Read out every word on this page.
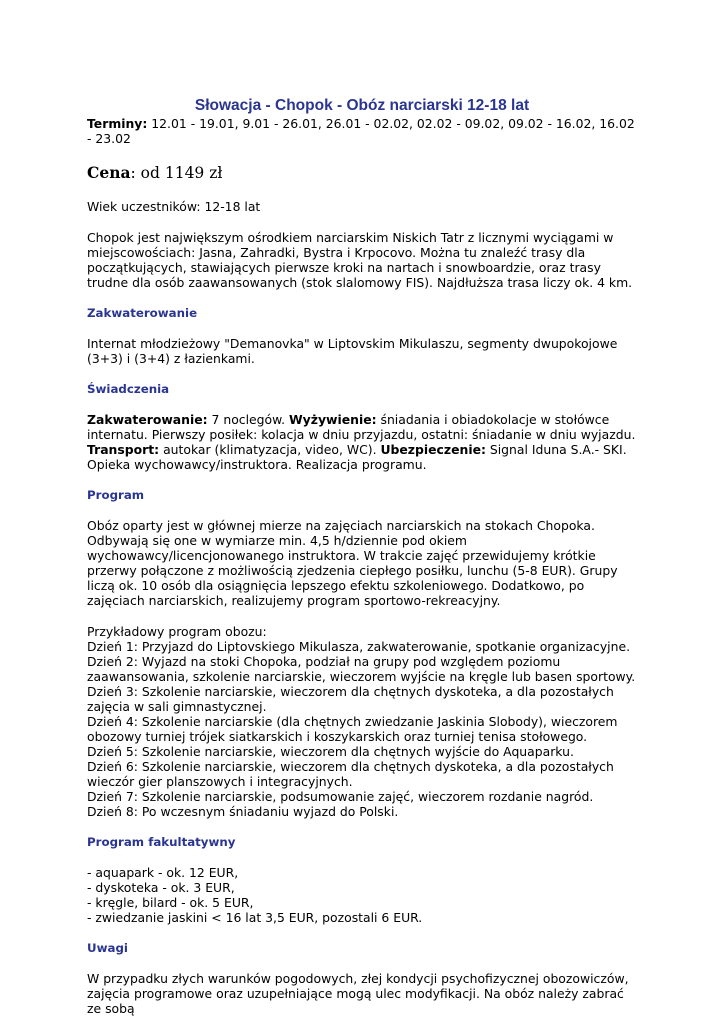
Słowacja - Chopok - Obóz narciarski 12-18 lat

Terminy: 12.01 - 19.01, 9.01 - 26.01, 26.01 - 02.02, 02.02 - 09.02, 09.02 - 16.02, 16.02 - 23.02

Cena: od 1149 zł

Wiek uczestników: 12-18 lat

Chopok jest największym ośrodkiem narciarskim Niskich Tatr z licznymi wyciągami w miejscowościach: Jasna, Zahradki, Bystra i Krpocovo. Można tu znaleźć trasy dla początkujących, stawiających pierwsze kroki na nartach i snowboardzie, oraz trasy trudne dla osób zaawansowanych (stok slalomowy FIS). Najdłuższa trasa liczy ok. 4 km.

Zakwaterowanie

Internat młodzieżowy "Demanovka" w Liptovskim Mikulaszu, segmenty dwupokojowe (3+3) i (3+4) z łazienkami.

Świadczenia

Zakwaterowanie: 7 noclegów. Wyżywienie: śniadania i obiadokolacje w stołówce internatu. Pierwszy posiłek: kolacja w dniu przyjazdu, ostatni: śniadanie w dniu wyjazdu. Transport: autokar (klimatyzacja, video, WC). Ubezpieczenie: Signal Iduna S.A.- SKI. Opieka wychowawcy/instruktora. Realizacja programu.

Program

Obóz oparty jest w głównej mierze na zajęciach narciarskich na stokach Chopoka. Odbywają się one w wymiarze min. 4,5 h/dziennie pod okiem wychowawcy/licencjonowanego instruktora. W trakcie zajęć przewidujemy krótkie przerwy połączone z możliwością zjedzenia ciepłego posiłku, lunchu (5-8 EUR). Grupy liczą ok. 10 osób dla osiągnięcia lepszego efektu szkoleniowego. Dodatkowo, po zajęciach narciarskich, realizujemy program sportowo-rekreacyjny.

Przykładowy program obozu:
Dzień 1: Przyjazd do Liptovskiego Mikulasza, zakwaterowanie, spotkanie organizacyjne.
Dzień 2: Wyjazd na stoki Chopoka, podział na grupy pod względem poziomu zaawansowania, szkolenie narciarskie, wieczorem wyjście na kręgle lub basen sportowy.
Dzień 3: Szkolenie narciarskie, wieczorem dla chętnych dyskoteka, a dla pozostałych zajęcia w sali gimnastycznej.
Dzień 4: Szkolenie narciarskie (dla chętnych zwiedzanie Jaskinia Slobody), wieczorem obozowy turniej trójek siatkarskich i koszykarskich oraz turniej tenisa stołowego.
Dzień 5: Szkolenie narciarskie, wieczorem dla chętnych wyjście do Aquaparku.
Dzień 6: Szkolenie narciarskie, wieczorem dla chętnych dyskoteka, a dla pozostałych wieczór gier planszowych i integracyjnych.
Dzień 7: Szkolenie narciarskie, podsumowanie zajęć, wieczorem rozdanie nagród.
Dzień 8: Po wczesnym śniadaniu wyjazd do Polski.
Program fakultatywny
- aquapark - ok. 12 EUR,
- dyskoteka - ok. 3 EUR,
- kręgle, bilard - ok. 5 EUR,
- zwiedzanie jaskini < 16 lat 3,5 EUR, pozostali 6 EUR.
Uwagi

W przypadku złych warunków pogodowych, złej kondycji psychofizycznej obozowiczów, zajęcia programowe oraz uzupełniające mogą ulec modyfikacji. Na obóz należy zabrać ze sobą
